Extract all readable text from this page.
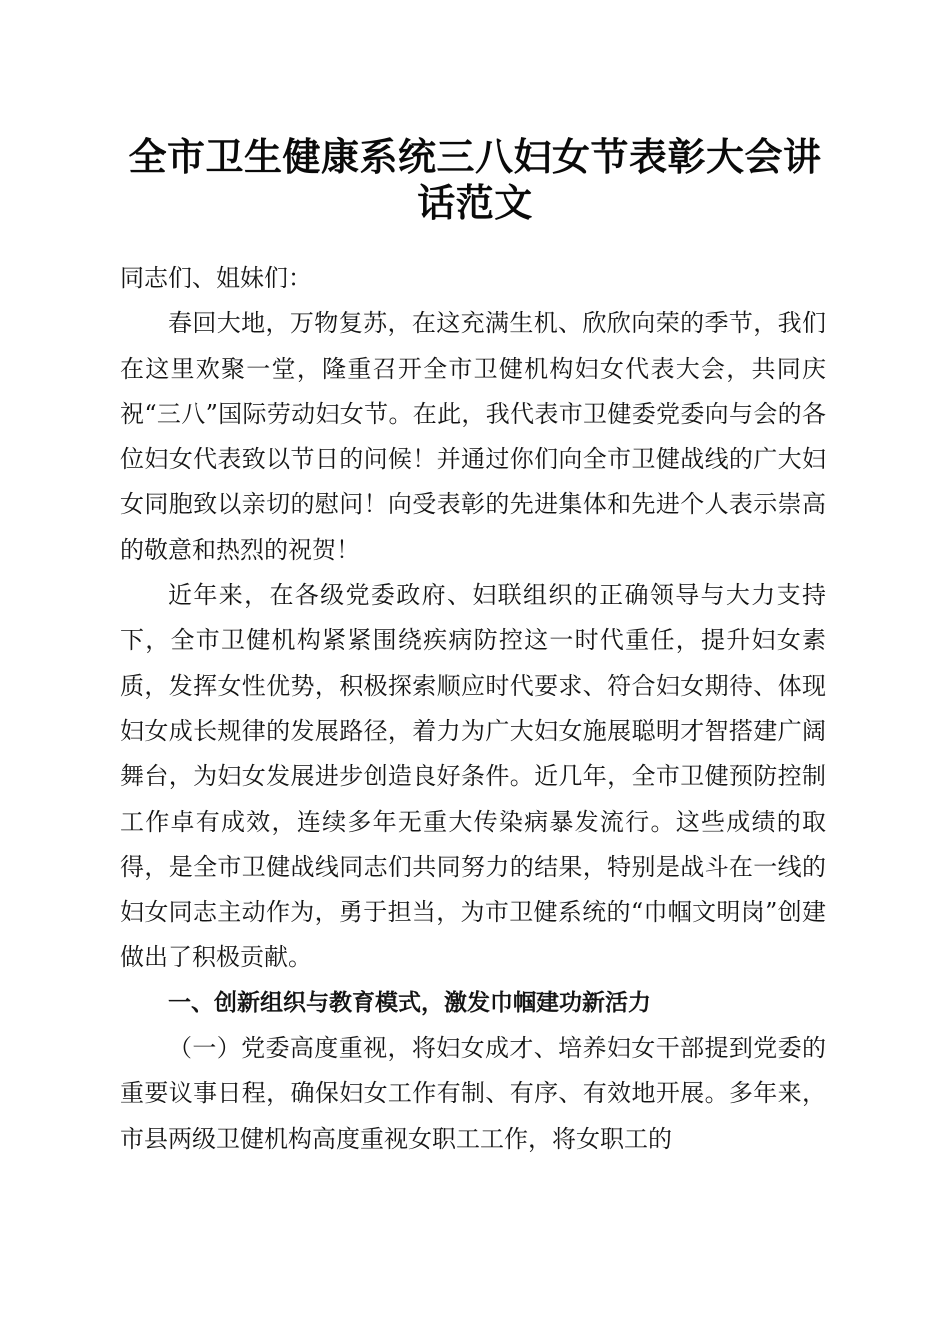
全市卫生健康系统三八妇女节表彰大会讲话范文

同志们、姐妹们：

春回大地，万物复苏，在这充满生机、欣欣向荣的季节，我们在这里欢聚一堂，隆重召开全市卫健机构妇女代表大会，共同庆祝“三八”国际劳动妇女节。在此，我代表市卫健委党委向与会的各位妇女代表致以节日的问候！并通过你们向全市卫健战线的广大妇女同胞致以亲切的慰问！向受表彰的先进集体和先进个人表示崇高的敬意和热烈的祝贺！

近年来，在各级党委政府、妇联组织的正确领导与大力支持下，全市卫健机构紧紧围绕疾病防控这一时代重任，提升妇女素质，发挥女性优势，积极探索顺应时代要求、符合妇女期待、体现妇女成长规律的发展路径，着力为广大妇女施展聪明才智搭建广阔舞台，为妇女发展进步创造良好条件。近几年，全市卫健预防控制工作卓有成效，连续多年无重大传染病暴发流行。这些成绩的取得，是全市卫健战线同志们共同努力的结果，特别是战斗在一线的妇女同志主动作为，勇于担当，为市卫健系统的“巾帼文明岗”创建做出了积极贡献。

一、创新组织与教育模式，激发巾帼建功新活力

（一）党委高度重视，将妇女成才、培养妇女干部提到党委的重要议事日程，确保妇女工作有制、有序、有效地开展。多年来，市县两级卫健机构高度重视女职工工作，将女职工的
